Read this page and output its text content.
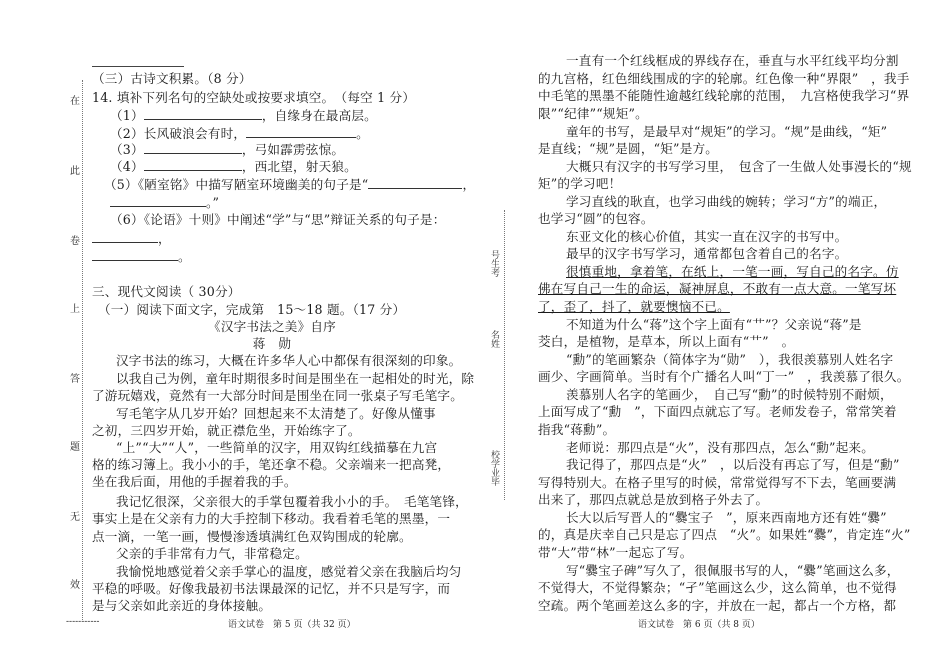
在
此
卷
上
答
题
无
效
（三）古诗文积累。（8 分）
14. 填补下列名句的空缺处或按要求填空。　（每空 1 分）
（1）	，自缘身在最高层。
（2）长风破浪会有时，	。
（3）	，弓如霹雳弦惊。
（4）	，西北望，射天狼。
（5）《陋室铭》中描写陋室环境幽美的句子是“	，
。”
（6）《论语》十则》中阐述“学”与“思”辩证关系的句子是：
，
。
三、现代文阅读（ 30分）
（一）阅读下面文字，完成第　15～18 题。（17 分）
《汉字书法之美》自序
蒋　勋
汉字书法的练习，大概在许多华人心中都保有很深刻的印象。
以我自己为例，童年时期很多时间是围坐在一起相处的时光，除
了游玩嬉戏，竟然有一大部分时间是围坐在同一张桌子写毛笔字。
写毛笔字从几岁开始？回想起来不太清楚了。好像从懂事
之初，三四岁开始，就正襟危坐，开始练字了。
“上”“大”“人”，一些简单的汉字，用双钩红线描摹在九宫
格的练习簿上。我小小的手，笔还拿不稳。父亲端来一把高凳，
坐在我后面，用他的手握着我的手。
我记忆很深，父亲很大的手掌包覆着我小小的手。　毛笔笔锋，
事实上是在父亲有力的大手控制下移动。我看着毛笔的黑墨，一
点一滴，一笔一画，慢慢渗透填满红色双钩围成的轮廓。
父亲的手非常有力气，非常稳定。
我愉悦地感觉着父亲手掌心的温度，感觉着父亲在我脑后均匀
平稳的呼吸。好像我最初书法课最深的记忆，并不只是写字，而
是与父亲如此亲近的身体接触。
-----------	语文试卷　第 5 页（共 32 页）
号生考
名姓
校学业毕
一直有一个红线框成的界线存在，垂直与水平红线平均分割
的九宫格，红色细线围成的字的轮廓。红色像一种“界限”　，我手
中毛笔的黑墨不能随性逾越红线轮廓的范围，　九宫格使我学习“界
限”“纪律”“规矩”。
童年的书写，是最早对“规矩”的学习。“规”是曲线，“矩”
是直线；“规”是圆，“矩”是方。
大概只有汉字的书写学习里，　包含了一生做人处事漫长的“规
矩”的学习吧！
学习直线的耿直，也学习曲线的婉转；学习“方”的端正，
也学习“圆”的包容。
东亚文化的核心价值，其实一直在汉字的书写中。
最早的汉字书写学习，通常都包含着自己的名字。
很慎重地，拿着笔，在纸上，一笔一画，写自己的名字。仿
佛在写自己一生的命运，凝神屏息，不敢有一点大意。一笔写坏
了，歪了，抖了，就要懊恼不已。
不知道为什么“蒋”这个字上面有“艹”？父亲说“蒋”是
茭白，是植物，是草本，所以上面有“艹”　。
“勳”的笔画繁杂（简体字为“勋”　），我很羡慕别人姓名字
画少、字画简单。当时有个广播名人叫“丁一”　，我羡慕了很久。
羡慕别人名字的笔画少，　自己写“勳”的时候特别不耐烦，
上面写成了“勳　”，下面四点就忘了写。老师发卷子，常常笑着
指我“蒋勳”。
老师说：那四点是“火”，没有那四点，怎么“勳”起来。
我记得了，那四点是“火”　，以后没有再忘了写，但是“勳”
写得特别大。在格子里写的时候，常常觉得写不下去，笔画要满
出来了，那四点就总是放到格子外去了。
长大以后写晋人的“爨宝子　”，原来西南地方还有姓“爨”
的，真是庆幸自己只是忘了四点　“火”。如果姓“爨”，肯定连“火”
带“大”带“林”一起忘了写。
写“爨宝子碑”写久了，很佩服书写的人，“爨”笔画这么多，
不觉得大，不觉得繁杂；“孑”笔画这么少，这么简单，也不觉得
空疏。两个笔画差这么多的字，并放在一起，都占一个方格，都
语文试卷　第 6 页（共 8 页）
